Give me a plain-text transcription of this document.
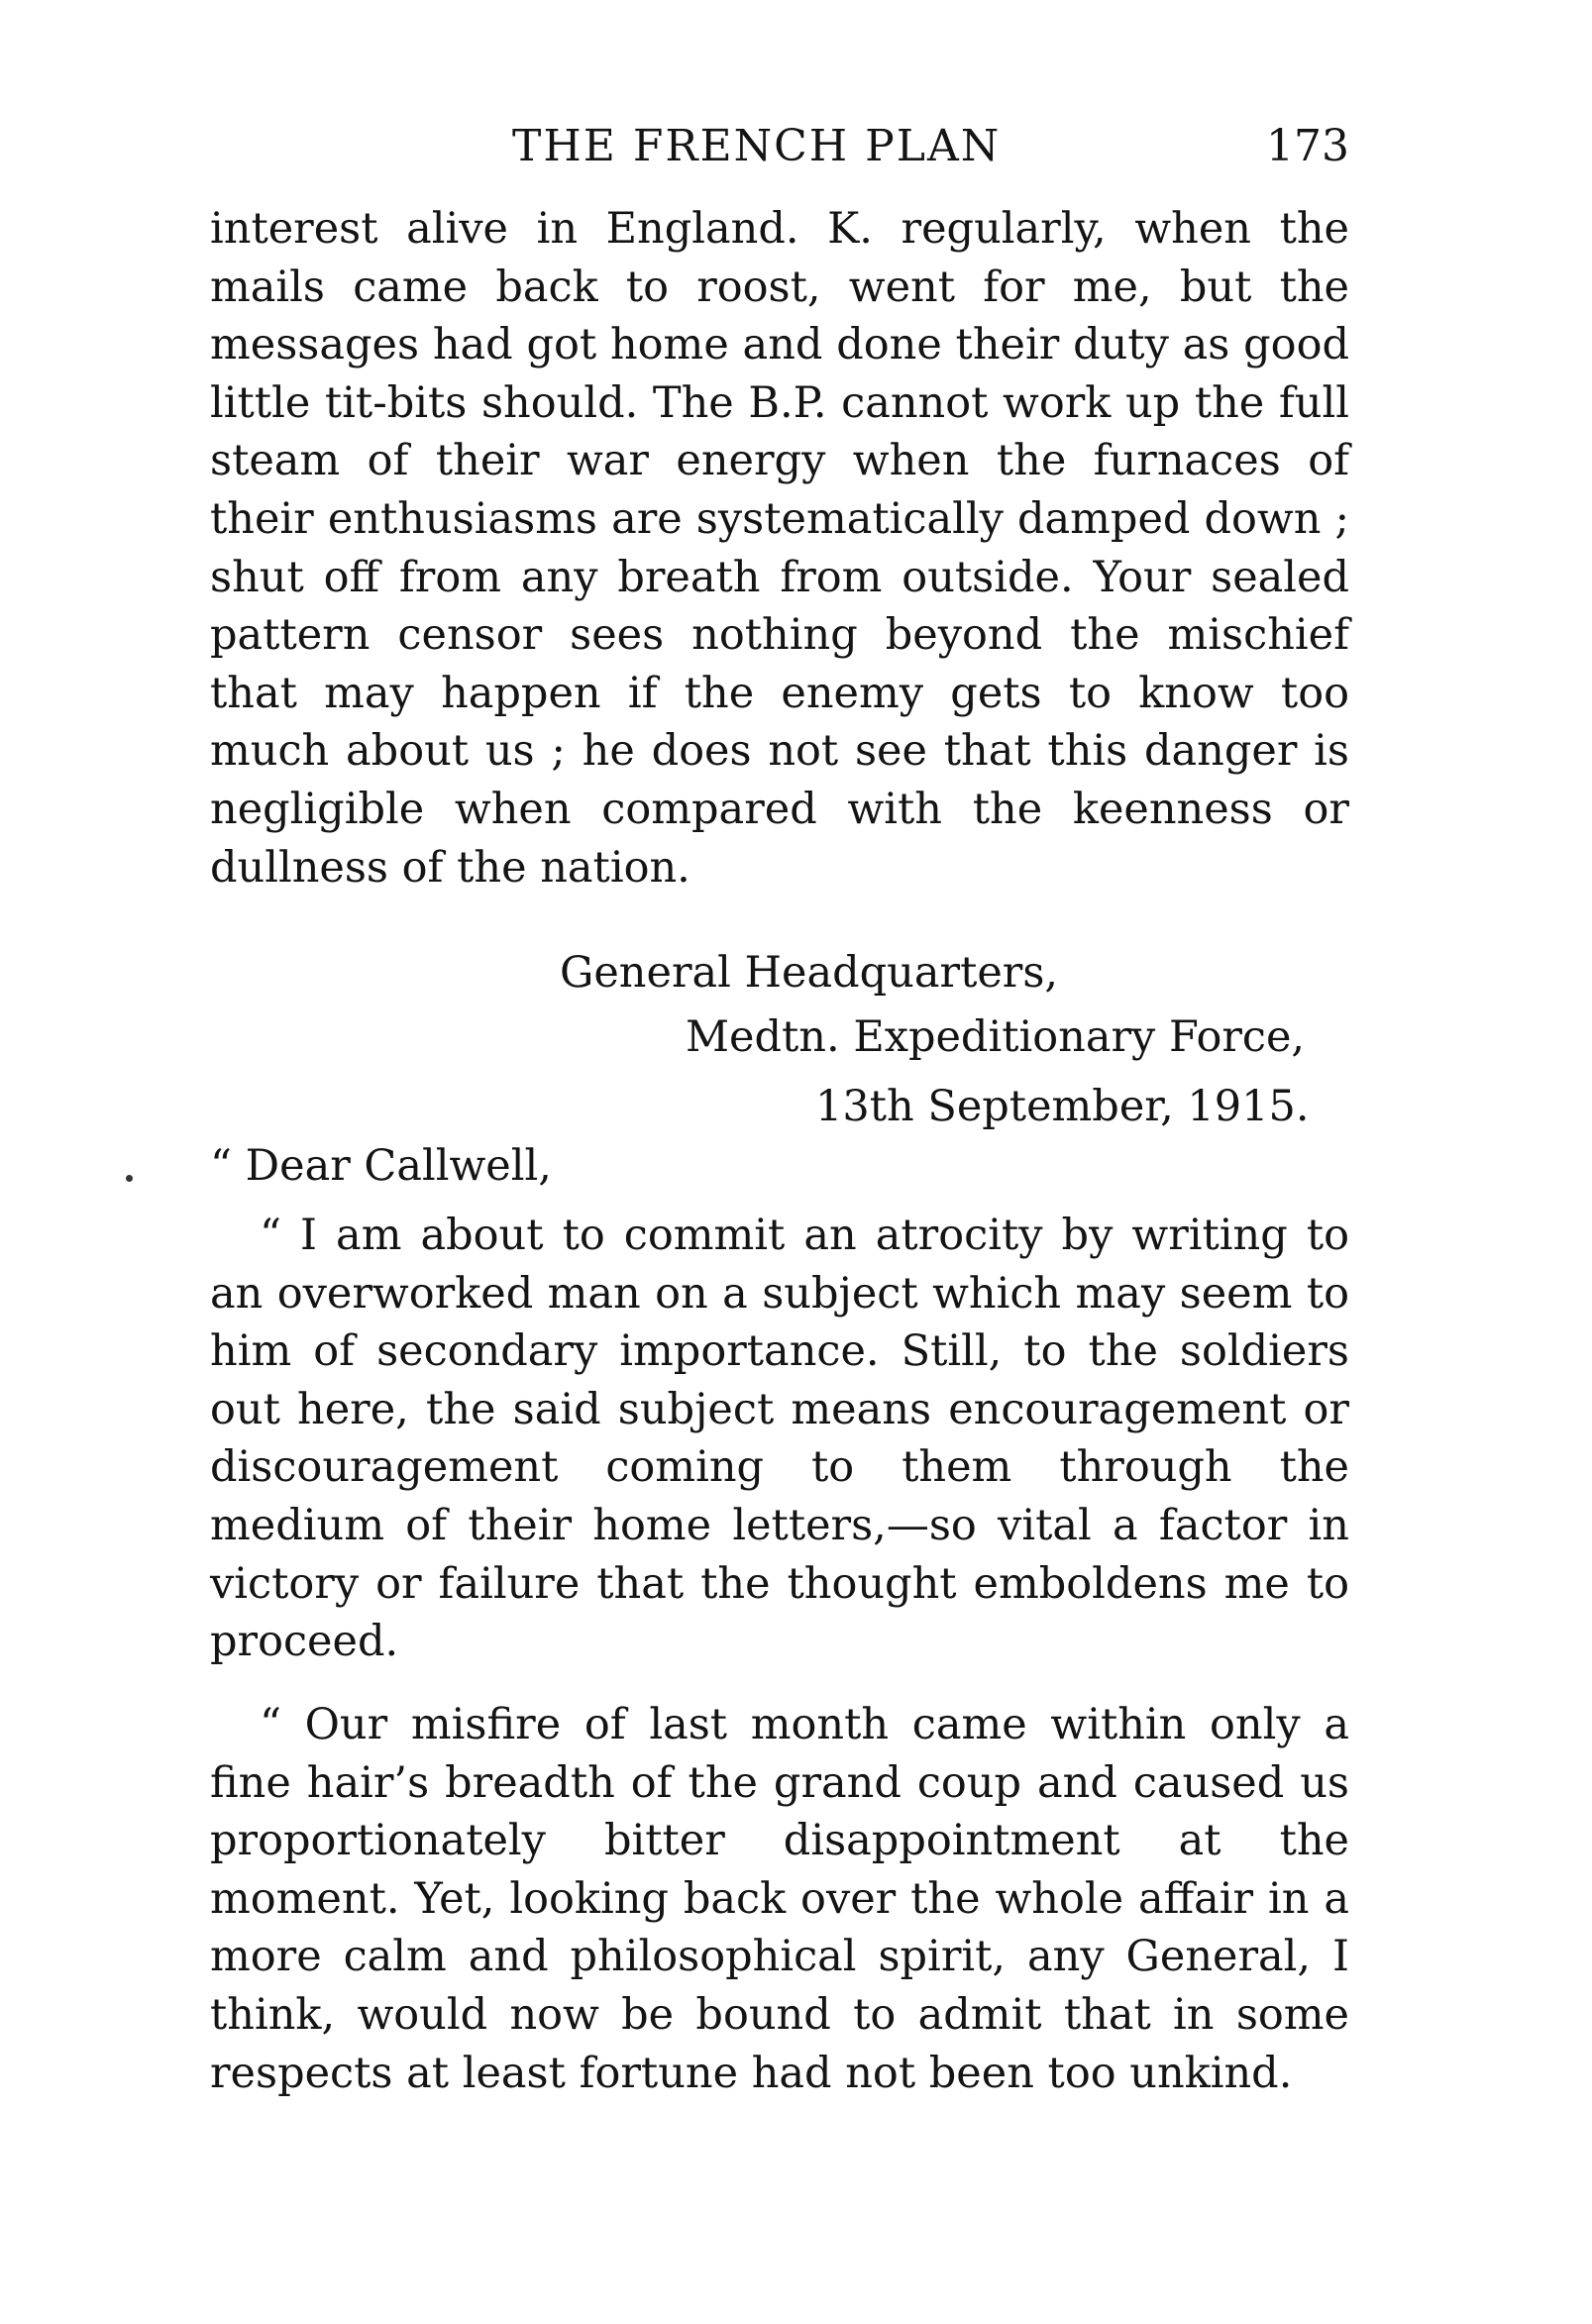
THE FRENCH PLAN	173

interest alive in England. K. regularly, when the mails came back to roost, went for me, but the messages had got home and done their duty as good little tit-bits should. The B.P. cannot work up the full steam of their war energy when the furnaces of their enthusiasms are systematically damped down ; shut off from any breath from outside. Your sealed pattern censor sees nothing beyond the mischief that may happen if the enemy gets to know too much about us ; he does not see that this danger is negligible when compared with the keenness or dullness of the nation.

General Headquarters,
Medtn. Expeditionary Force,
13th September, 1915.
“ Dear Callwell,

“ I am about to commit an atrocity by writing to an overworked man on a subject which may seem to him of secondary importance. Still, to the soldiers out here, the said subject means encouragement or discouragement coming to them through the medium of their home letters,—so vital a factor in victory or failure that the thought emboldens me to proceed.

“ Our misfire of last month came within only a fine hair’s breadth of the grand coup and caused us proportionately bitter disappointment at the moment. Yet, looking back over the whole affair in a more calm and philosophical spirit, any General, I think, would now be bound to admit that in some respects at least fortune had not been too unkind.
